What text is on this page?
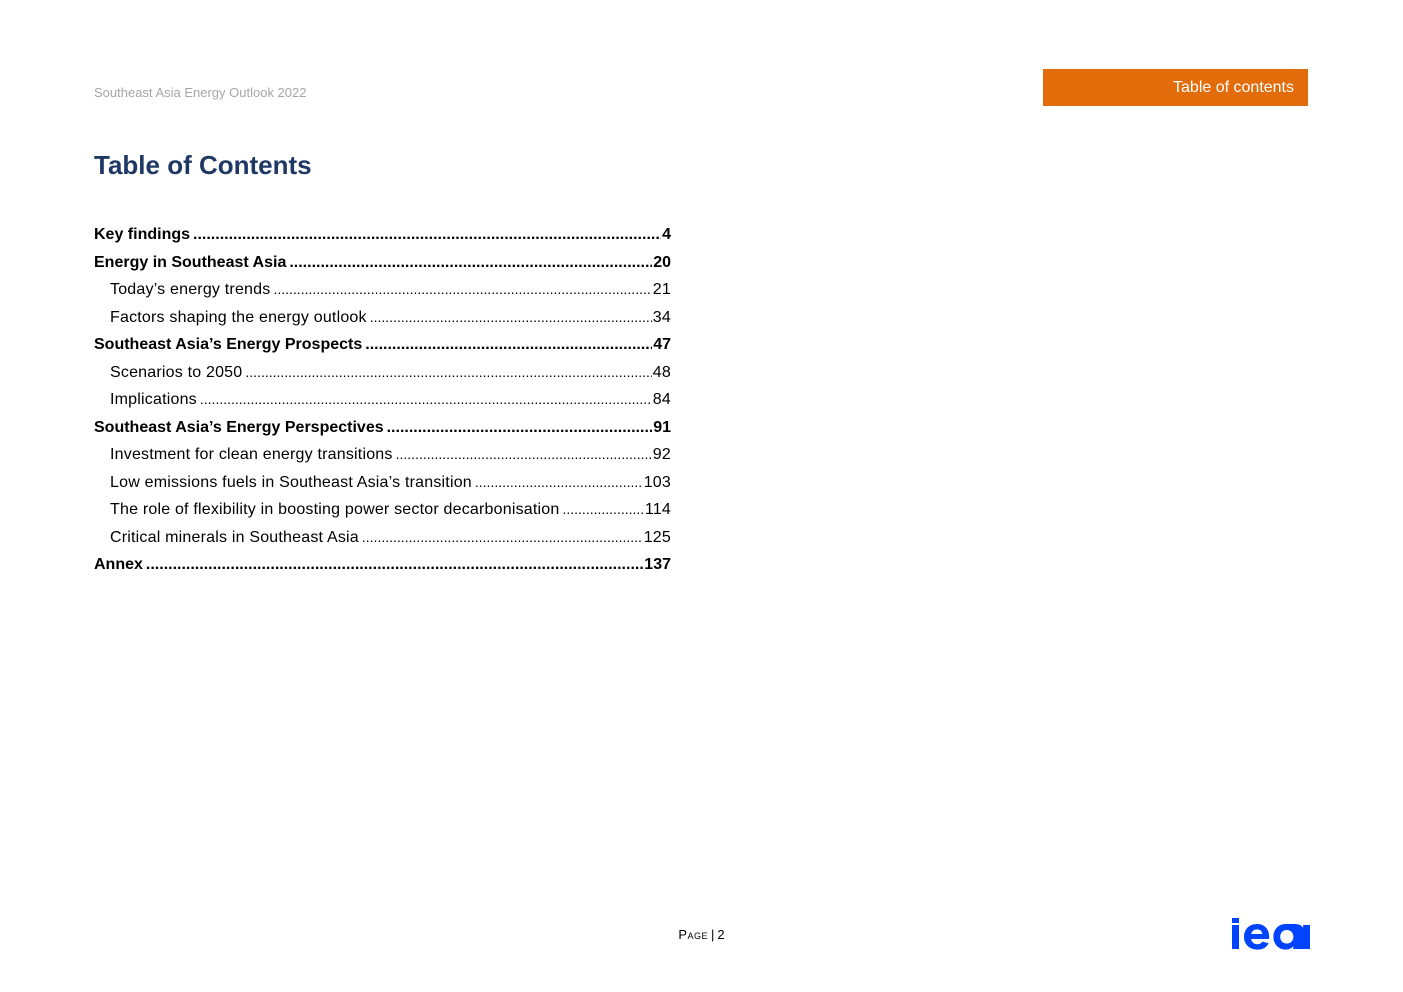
Southeast Asia Energy Outlook 2022	Table of contents
Table of Contents
Key findings .....	4
Energy in Southeast Asia .....	20
Today’s energy trends .....	21
Factors shaping the energy outlook .....	34
Southeast Asia’s Energy Prospects .....	47
Scenarios to 2050 .....	48
Implications .....	84
Southeast Asia’s Energy Perspectives .....	91
Investment for clean energy transitions .....	92
Low emissions fuels in Southeast Asia’s transition .....	103
The role of flexibility in boosting power sector decarbonisation .....	114
Critical minerals in Southeast Asia .....	125
Annex .....	137
Page | 2
